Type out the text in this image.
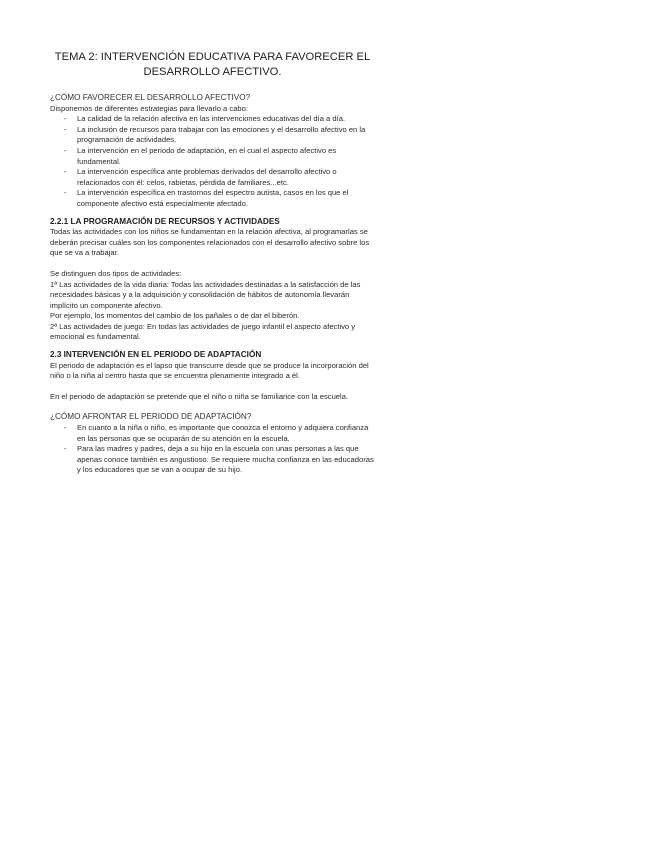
TEMA 2: INTERVENCIÓN EDUCATIVA PARA FAVORECER EL
DESARROLLO AFECTIVO.
¿CÓMO FAVORECER EL DESARROLLO AFECTIVO?

Disponemos de diferentes estrategias para llevarlo a cabo:

- La calidad de la relación afectiva en las intervenciones educativas del día a día.
- La inclusión de recursos para trabajar con las emociones y el desarrollo afectivo en la programación de actividades.
- La intervención en el periodo de adaptación, en el cual el aspecto afectivo es fundamental.
- La intervención específica ante problemas derivados del desarrollo afectivo o relacionados con él: celos, rabietas, pérdida de familiares...etc.
- La intervención específica en trastornos del espectro autista, casos en los que el componente afectivo está especialmente afectado.
2.2.1 LA PROGRAMACIÓN DE RECURSOS Y ACTIVIDADES

Todas las actividades con los niños se fundamentan en la relación afectiva, al programarlas se deberán precisar cuáles son los componentes relacionados con el desarrollo afectivo sobre los que se va a trabajar.

Se distinguen dos tipos de actividades:

1ª Las actividades de la vida diaria: Todas las actividades destinadas a la satisfacción de las necesidades básicas y a la adquisición y consolidación de hábitos de autonomía llevarán implícito un componente afectivo.

Por ejemplo, los momentos del cambio de los pañales o de dar el biberón.

2ª Las actividades de juego: En todas las actividades de juego infantil el aspecto afectivo y emocional es fundamental.

2.3 INTERVENCIÓN EN EL PERIODO DE ADAPTACIÓN

El periodo de adaptación es el lapso que transcurre desde que se produce la incorporación del niño o la niña al centro hasta que se encuentra plenamente integrado a él.

En el periodo de adaptación se pretende que el niño o niña se familiarice con la escuela.

¿CÓMO AFRONTAR EL PERIODO DE ADAPTACIÓN?
- En cuanto a la niña o niño, es importante que conozca el entorno y adquiera confianza en las personas que se ocuparán de su atención en la escuela.
- Para las madres y padres, deja a su hijo en la escuela con unas personas a las que apenas conoce también es angustioso. Se requiere mucha confianza en las educadoras y los educadores que se van a ocupar de su hijo.
